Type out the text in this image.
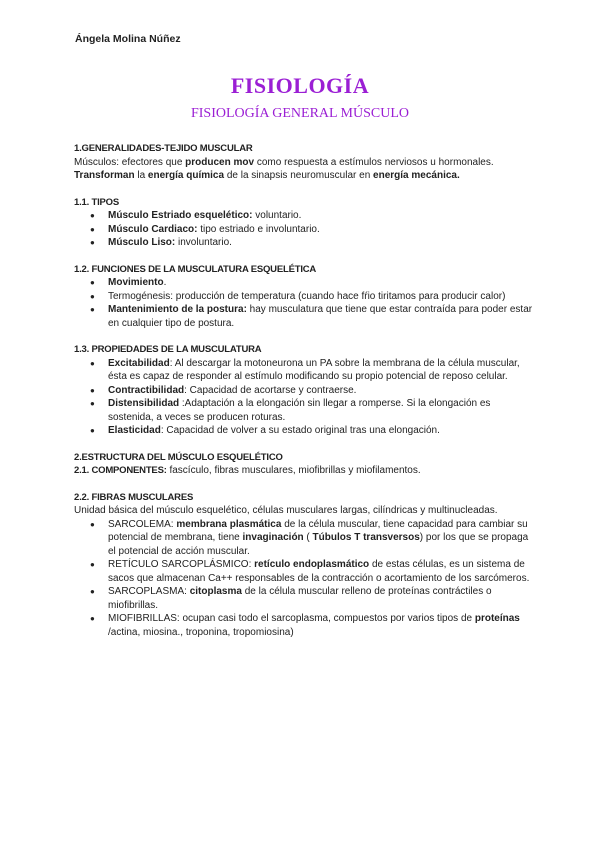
Ángela Molina Núñez
FISIOLOGÍA
FISIOLOGÍA GENERAL MÚSCULO
1.GENERALIDADES-TEJIDO MUSCULAR

Músculos: efectores que producen mov como respuesta a estímulos nerviosos u hormonales. Transforman la energía química de la sinapsis neuromuscular en energía mecánica.

1.1. TIPOS
● Músculo Estriado esquelético: voluntario.
● Músculo Cardiaco: tipo estriado e involuntario.
● Músculo Liso: involuntario.
1.2. FUNCIONES DE LA MUSCULATURA ESQUELÉTICA
● Movimiento.
● Termogénesis: producción de temperatura (cuando hace fŕio tiritamos para producir calor)
● Mantenimiento de la postura: hay musculatura que tiene que estar contraída para poder estar en cualquier tipo de postura.
1.3. PROPIEDADES DE LA MUSCULATURA
● Excitabilidad: Al descargar la motoneurona un PA sobre la membrana de la célula muscular, ésta es capaz de responder al estímulo modificando su propio potencial de reposo celular.
● Contractibilidad: Capacidad de acortarse y contraerse.
● Distensibilidad :Adaptación a la elongación sin llegar a romperse. Si la elongación es sostenida, a veces se producen roturas.
● Elasticidad: Capacidad de volver a su estado original tras una elongación.
2.ESTRUCTURA DEL MÚSCULO ESQUELÉTICO

2.1. COMPONENTES: fascículo, fibras musculares, miofibrillas y miofilamentos.

2.2. FIBRAS MUSCULARES

Unidad básica del músculo esquelético, células musculares largas, cilíndricas y multinucleadas.

● SARCOLEMA: membrana plasmática de la célula muscular, tiene capacidad para cambiar su potencial de membrana, tiene invaginación ( Túbulos T transversos) por los que se propaga el potencial de acción muscular.
● RETÍCULO SARCOPLÁSMICO: retículo endoplasmático de estas células, es un sistema de sacos que almacenan Ca++ responsables de la contracción o acortamiento de los sarcómeros.
● SARCOPLASMA: citoplasma de la célula muscular relleno de proteínas contráctiles o miofibrillas.
● MIOFIBRILLAS: ocupan casi todo el sarcoplasma, compuestos por varios tipos de proteínas /actina, miosina., troponina, tropomiosina)
